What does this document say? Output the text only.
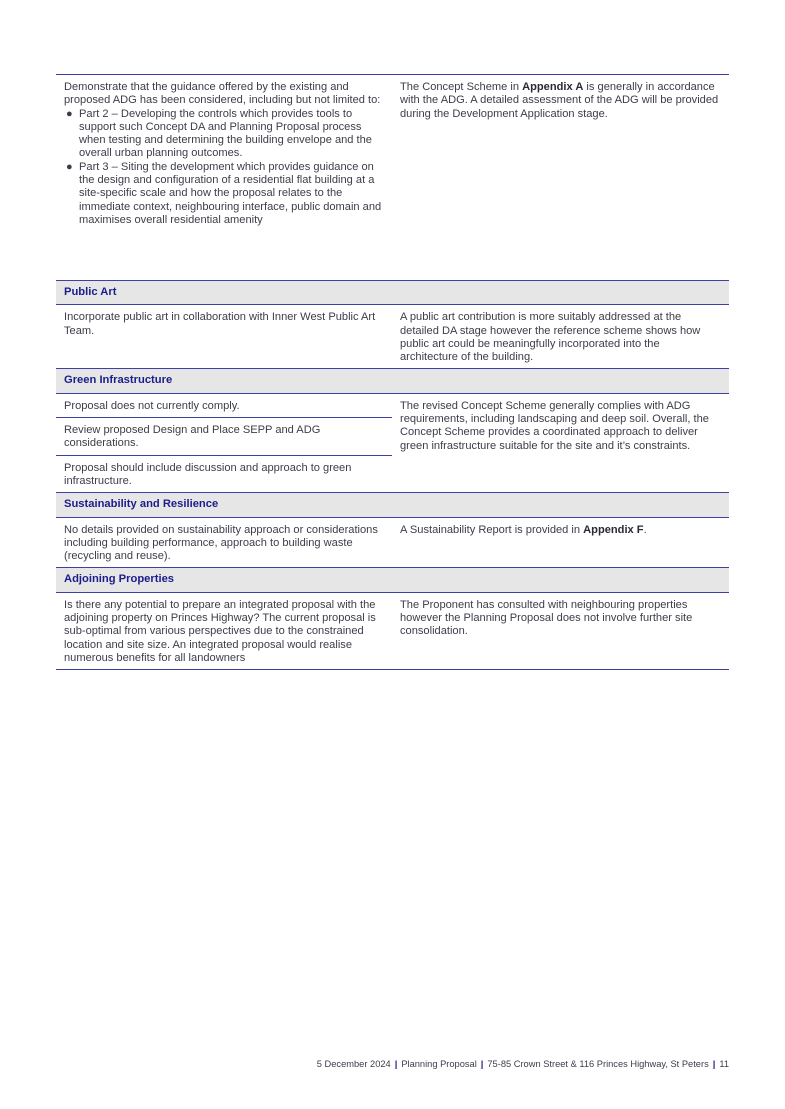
Demonstrate that the guidance offered by the existing and proposed ADG has been considered, including but not limited to:
● Part 2 – Developing the controls which provides tools to support such Concept DA and Planning Proposal process when testing and determining the building envelope and the overall urban planning outcomes.
● Part 3 – Siting the development which provides guidance on the design and configuration of a residential flat building at a site-specific scale and how the proposal relates to the immediate context, neighbouring interface, public domain and maximises overall residential amenity
The Concept Scheme in Appendix A is generally in accordance with the ADG. A detailed assessment of the ADG will be provided during the Development Application stage.
Public Art
Incorporate public art in collaboration with Inner West Public Art Team.
A public art contribution is more suitably addressed at the detailed DA stage however the reference scheme shows how public art could be meaningfully incorporated into the architecture of the building.
Green Infrastructure
Proposal does not currently comply.
Review proposed Design and Place SEPP and ADG considerations.
Proposal should include discussion and approach to green infrastructure.
The revised Concept Scheme generally complies with ADG requirements, including landscaping and deep soil. Overall, the Concept Scheme provides a coordinated approach to deliver green infrastructure suitable for the site and it’s constraints.
Sustainability and Resilience
No details provided on sustainability approach or considerations including building performance, approach to building waste (recycling and reuse).
A Sustainability Report is provided in Appendix F.
Adjoining Properties
Is there any potential to prepare an integrated proposal with the adjoining property on Princes Highway? The current proposal is sub-optimal from various perspectives due to the constrained location and site size. An integrated proposal would realise numerous benefits for all landowners
The Proponent has consulted with neighbouring properties however the Planning Proposal does not involve further site consolidation.
5 December 2024 | Planning Proposal | 75-85 Crown Street & 116 Princes Highway, St Peters | 11
